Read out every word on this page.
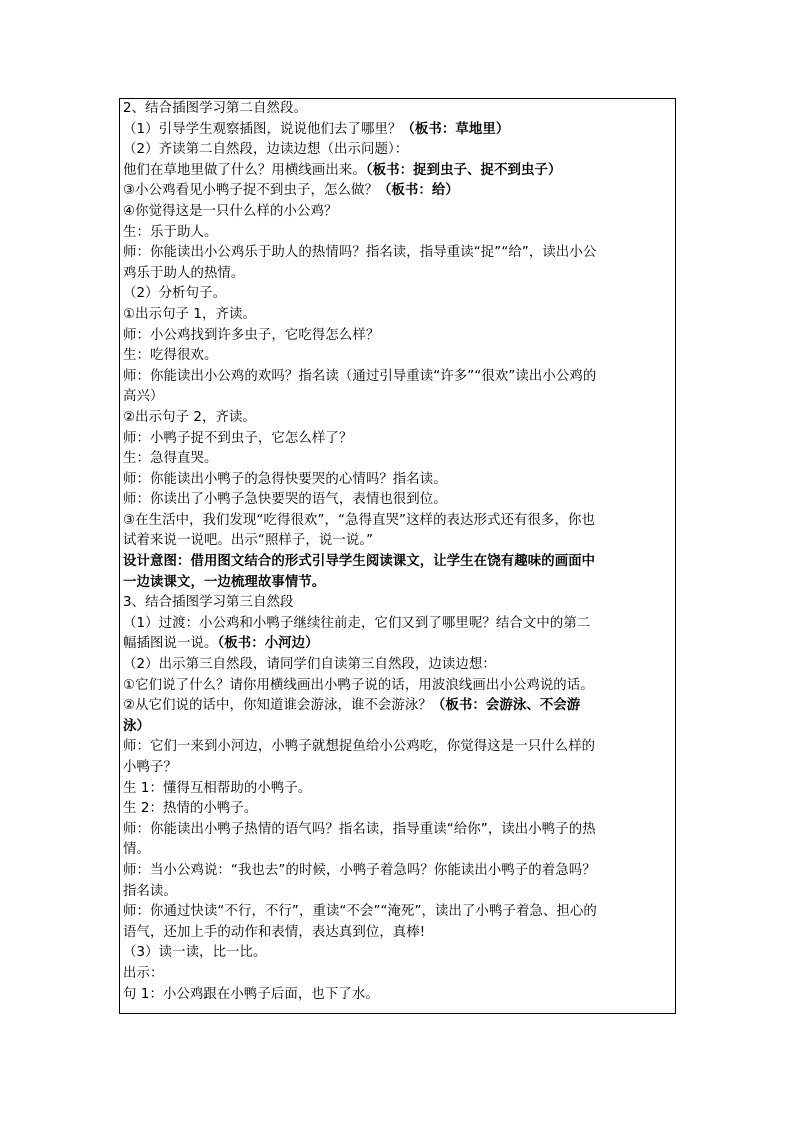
2、结合插图学习第二自然段。
（1）引导学生观察插图，说说他们去了哪里？（板书：草地里）
（2）齐读第二自然段，边读边想（出示问题）：
他们在草地里做了什么？用横线画出来。（板书：捉到虫子、捉不到虫子）
③小公鸡看见小鸭子捉不到虫子，怎么做？（板书：给）
④你觉得这是一只什么样的小公鸡？
生：乐于助人。
师：你能读出小公鸡乐于助人的热情吗？指名读，指导重读“捉”“给”，读出小公
鸡乐于助人的热情。
（2）分析句子。
①出示句子 1，齐读。
师：小公鸡找到许多虫子，它吃得怎么样？
生：吃得很欢。
师：你能读出小公鸡的欢吗？指名读（通过引导重读“许多”“很欢”读出小公鸡的
高兴）
②出示句子 2，齐读。
师：小鸭子捉不到虫子，它怎么样了？
生：急得直哭。
师：你能读出小鸭子的急得快要哭的心情吗？指名读。
师：你读出了小鸭子急快要哭的语气，表情也很到位。
③在生活中，我们发现“吃得很欢”，“急得直哭”这样的表达形式还有很多，你也
试着来说一说吧。出示“照样子，说一说。”
设计意图：借用图文结合的形式引导学生阅读课文，让学生在饶有趣味的画面中
一边读课文，一边梳理故事情节。
3、结合插图学习第三自然段
（1）过渡：小公鸡和小鸭子继续往前走，它们又到了哪里呢？结合文中的第二
幅插图说一说。（板书：小河边）
（2）出示第三自然段，请同学们自读第三自然段，边读边想：
①它们说了什么？请你用横线画出小鸭子说的话，用波浪线画出小公鸡说的话。
②从它们说的话中，你知道谁会游泳，谁不会游泳？（板书：会游泳、不会游
泳）
师：它们一来到小河边，小鸭子就想捉鱼给小公鸡吃，你觉得这是一只什么样的
小鸭子？
生 1：懂得互相帮助的小鸭子。
生 2：热情的小鸭子。
师：你能读出小鸭子热情的语气吗？指名读，指导重读“给你”，读出小鸭子的热
情。
师：当小公鸡说：“我也去”的时候，小鸭子着急吗？你能读出小鸭子的着急吗？
指名读。
师：你通过快读“不行，不行”，重读“不会”“淹死”，读出了小鸭子着急、担心的
语气，还加上手的动作和表情，表达真到位，真棒!
（3）读一读，比一比。
出示：
句 1：小公鸡跟在小鸭子后面，也下了水。
